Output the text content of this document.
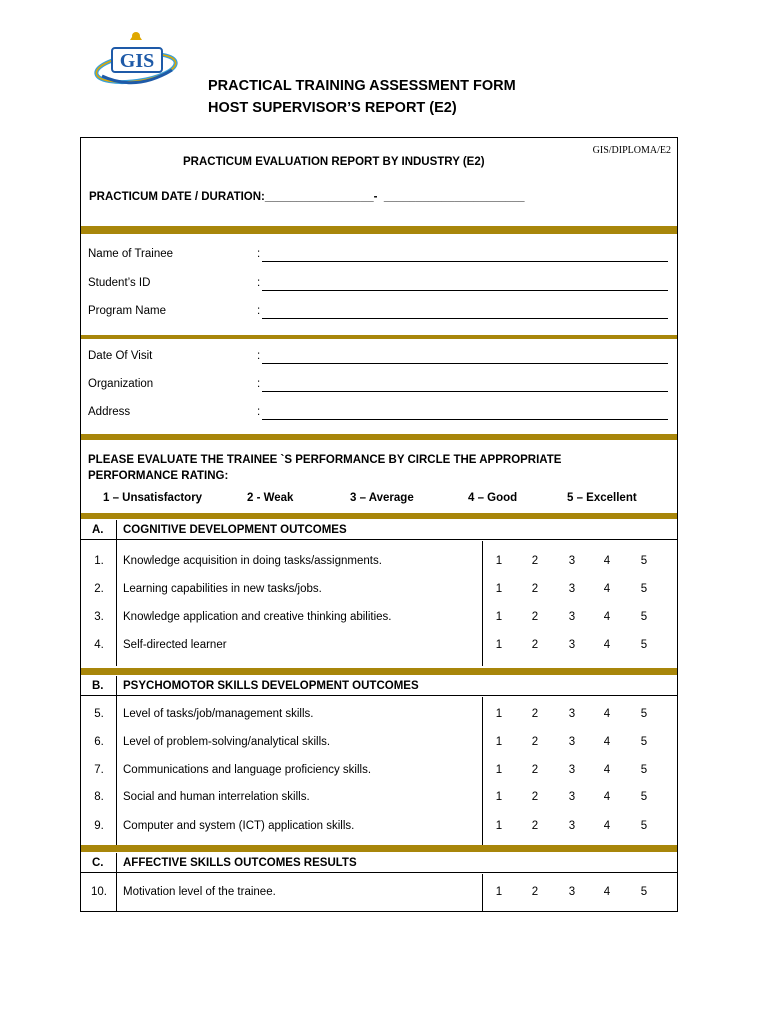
GIS
PRACTICAL TRAINING ASSESSMENT FORM
HOST SUPERVISOR’S REPORT (E2)
GIS/DIPLOMA/E2
PRACTICUM EVALUATION REPORT BY INDUSTRY (E2)
PRACTICUM DATE / DURATION:_________________-  ______________________
Name of Trainee	:
Student’s ID	:
Program Name	:
Date Of Visit	:
Organization	:
Address	:
PLEASE EVALUATE THE TRAINEE `S PERFORMANCE BY CIRCLE THE APPROPRIATE PERFORMANCE RATING:
1 – Unsatisfactory	2 - Weak	3 – Average	4 – Good	5 – Excellent
A. COGNITIVE DEVELOPMENT OUTCOMES
1.	Knowledge acquisition in doing tasks/assignments.	1	2	3 4	5
2.	Learning capabilities in new tasks/jobs.	1	2	3 4	5
3.	Knowledge application and creative thinking abilities.	1	2	3 4	5
4.	Self-directed learner	1	2	3 4	5
B. PSYCHOMOTOR SKILLS DEVELOPMENT OUTCOMES
5.	Level of tasks/job/management skills.	1	2	3 4	5
6.	Level of problem-solving/analytical skills.	1	2	3 4	5
7.	Communications and language proficiency skills.	1	2	3 4	5
8.	Social and human interrelation skills.	1	2	3 4	5
9.	Computer and system (ICT) application skills.	1	2	3 4	5
C. AFFECTIVE SKILLS OUTCOMES RESULTS
10.	Motivation level of the trainee.	1	2	3 4	5
